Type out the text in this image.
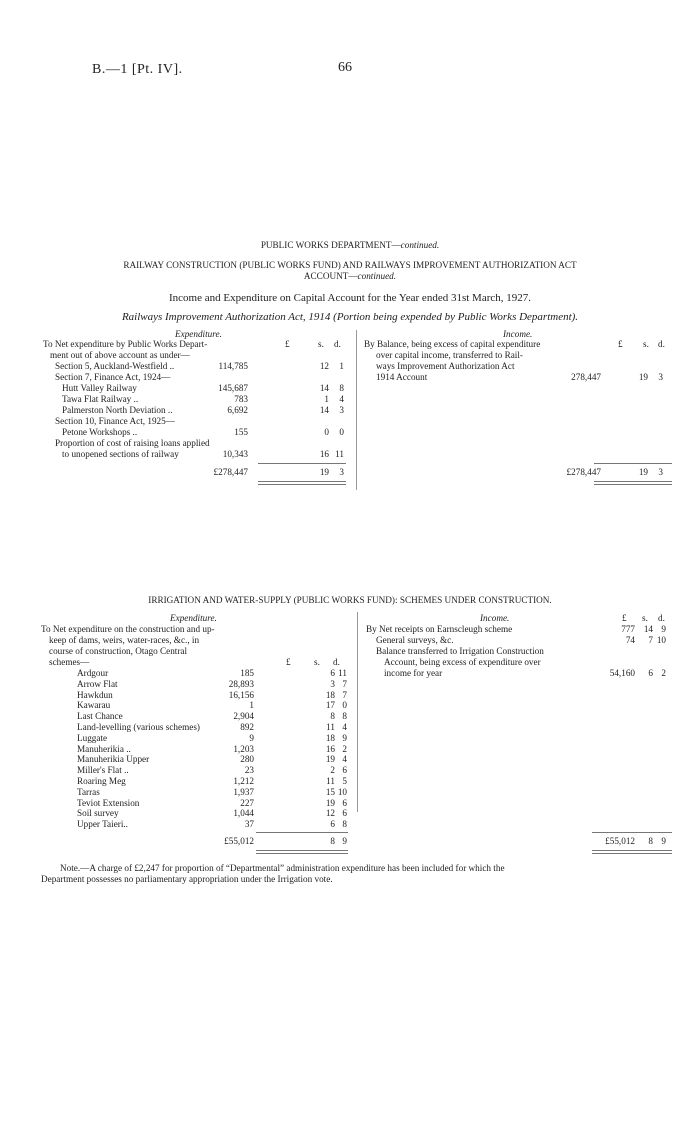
B.—1 [Pt. IV].	66
PUBLIC WORKS DEPARTMENT—continued.
RAILWAY CONSTRUCTION (PUBLIC WORKS FUND) AND RAILWAYS IMPROVEMENT AUTHORIZATION ACT
ACCOUNT—continued.
Income and Expenditure on Capital Account for the Year ended 31st March, 1927.
Railways Improvement Authorization Act, 1914 (Portion being expended by Public Works Department).
Expenditure.	Income.
To Net expenditure by Public Works Depart-	£	s. d.	By Balance, being excess of capital expenditure	£ s. d.
ment out of above account as under—	over capital income, transferred to Rail-
Section 5, Auckland-Westfield ..	114,785	12 1	ways Improvement Authorization Act
Section 7, Finance Act, 1924—	1914 Account	278,447	19 3
Hutt Valley Railway	145,687	14 8
Tawa Flat Railway ..	783	1 4
Palmerston North Deviation ..	6,692	14 3
Section 10, Finance Act, 1925—
Petone Workshops ..	155	0 0
Proportion of cost of raising loans applied
to unopened sections of railway	10,343	16 11
£278,447	19 3	£278,447	19 3
IRRIGATION AND WATER-SUPPLY (PUBLIC WORKS FUND): SCHEMES UNDER CONSTRUCTION.
Expenditure.	Income.	£ s. d.
To Net expenditure on the construction and up-	By Net receipts on Earnscleugh scheme	777 14 9
keep of dams, weirs, water-races, &c., in	General surveys, &c.	74 7 10
course of construction, Otago Central	Balance transferred to Irrigation Construction
schemes—	£	s. d.	Account, being excess of expenditure over
income for year	54,160 6 2
Ardgour	185	6 11
Arrow Flat	28,893	3 7
Hawkdun	16,156	18 7
Kawarau	1	17 0
Last Chance	2,904	8 8
Land-levelling (various schemes)	892	11 4
Luggate	9	18 9
Manuherikia ..	1,203	16 2
Manuherikia Upper	280	19 4
Miller's Flat ..	23	2 6
Roaring Meg	1,212	11 5
Tarras	1,937	15 10
Teviot Extension	227	19 6
Soil survey	1,044	12 6
Upper Taieri..	37	6 8
£55,012	8 9	£55,012 8 9
Note.—A charge of £2,247 for proportion of “Departmental” administration expenditure has been included for which the
Department possesses no parliamentary appropriation under the Irrigation vote.
